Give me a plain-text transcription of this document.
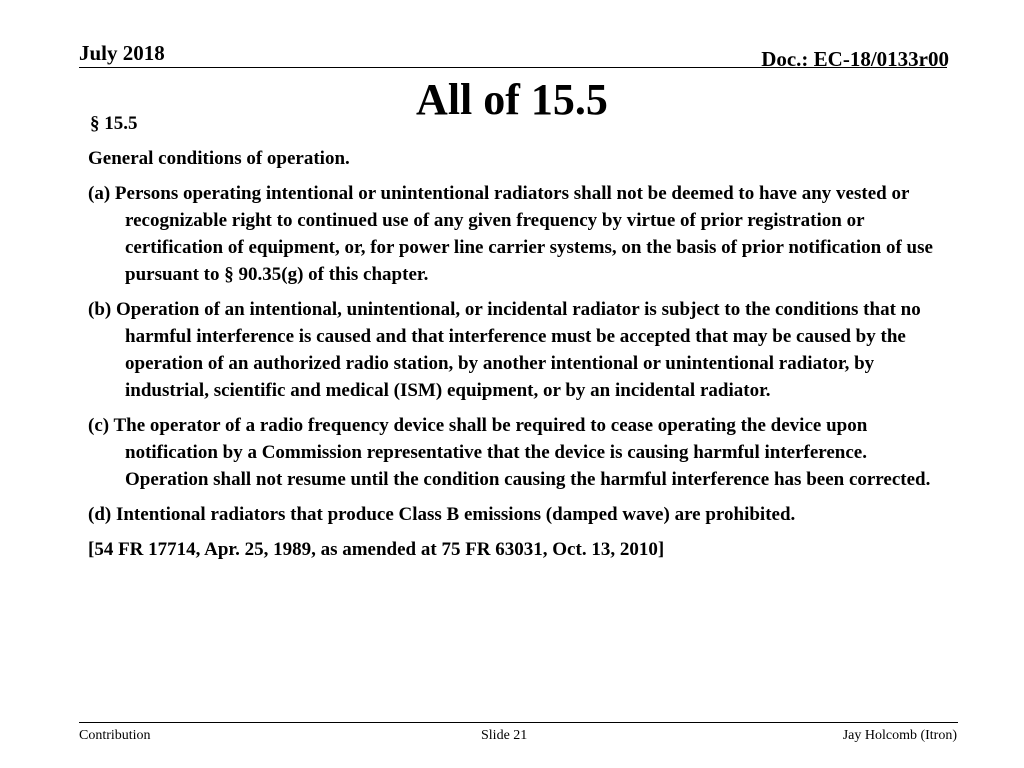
July 2018	Doc.: EC-18/0133r00
All of 15.5

§ 15.5

General conditions of operation.

(a) Persons operating intentional or unintentional radiators shall not be deemed to have any vested or recognizable right to continued use of any given frequency by virtue of prior registration or certification of equipment, or, for power line carrier systems, on the basis of prior notification of use pursuant to § 90.35(g) of this chapter.

(b) Operation of an intentional, unintentional, or incidental radiator is subject to the conditions that no harmful interference is caused and that interference must be accepted that may be caused by the operation of an authorized radio station, by another intentional or unintentional radiator, by industrial, scientific and medical (ISM) equipment, or by an incidental radiator.

(c) The operator of a radio frequency device shall be required to cease operating the device upon notification by a Commission representative that the device is causing harmful interference. Operation shall not resume until the condition causing the harmful interference has been corrected.

(d) Intentional radiators that produce Class B emissions (damped wave) are prohibited.

[54 FR 17714, Apr. 25, 1989, as amended at 75 FR 63031, Oct. 13, 2010]

Contribution	Slide 21	Jay Holcomb (Itron)
